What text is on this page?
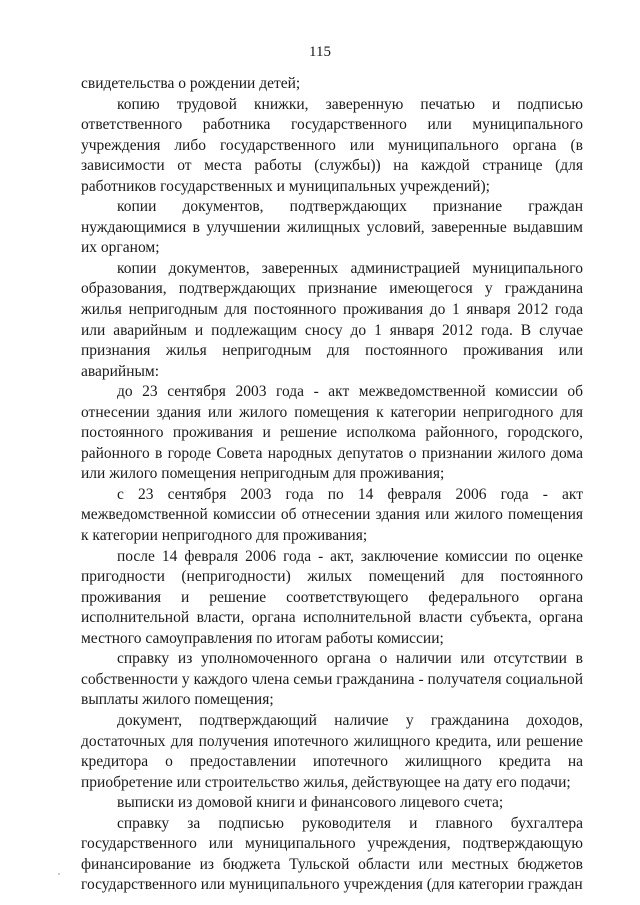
115

свидетельства о рождении детей;

копию трудовой книжки, заверенную печатью и подписью ответственного работника государственного или муниципального учреждения либо государственного или муниципального органа (в зависимости от места работы (службы)) на каждой странице (для работников государственных и муниципальных учреждений);

копии документов, подтверждающих признание граждан нуждающимися в улучшении жилищных условий, заверенные выдавшим их органом;

копии документов, заверенных администрацией муниципального образования, подтверждающих признание имеющегося у гражданина жилья непригодным для постоянного проживания до 1 января 2012 года или аварийным и подлежащим сносу до 1 января 2012 года. В случае признания жилья непригодным для постоянного проживания или аварийным:

до 23 сентября 2003 года - акт межведомственной комиссии об отнесении здания или жилого помещения к категории непригодного для постоянного проживания и решение исполкома районного, городского, районного в городе Совета народных депутатов о признании жилого дома или жилого помещения непригодным для проживания;

с 23 сентября 2003 года по 14 февраля 2006 года - акт межведомственной комиссии об отнесении здания или жилого помещения к категории непригодного для проживания;

после 14 февраля 2006 года - акт, заключение комиссии по оценке пригодности (непригодности) жилых помещений для постоянного проживания и решение соответствующего федерального органа исполнительной власти, органа исполнительной власти субъекта, органа местного самоуправления по итогам работы комиссии;

справку из уполномоченного органа о наличии или отсутствии в собственности у каждого члена семьи гражданина - получателя социальной выплаты жилого помещения;

документ, подтверждающий наличие у гражданина доходов, достаточных для получения ипотечного жилищного кредита, или решение кредитора о предоставлении ипотечного жилищного кредита на приобретение или строительство жилья, действующее на дату его подачи;

выписки из домовой книги и финансового лицевого счета;

справку за подписью руководителя и главного бухгалтера государственного или муниципального учреждения, подтверждающую финансирование из бюджета Тульской области или местных бюджетов государственного или муниципального учреждения (для категории граждан
